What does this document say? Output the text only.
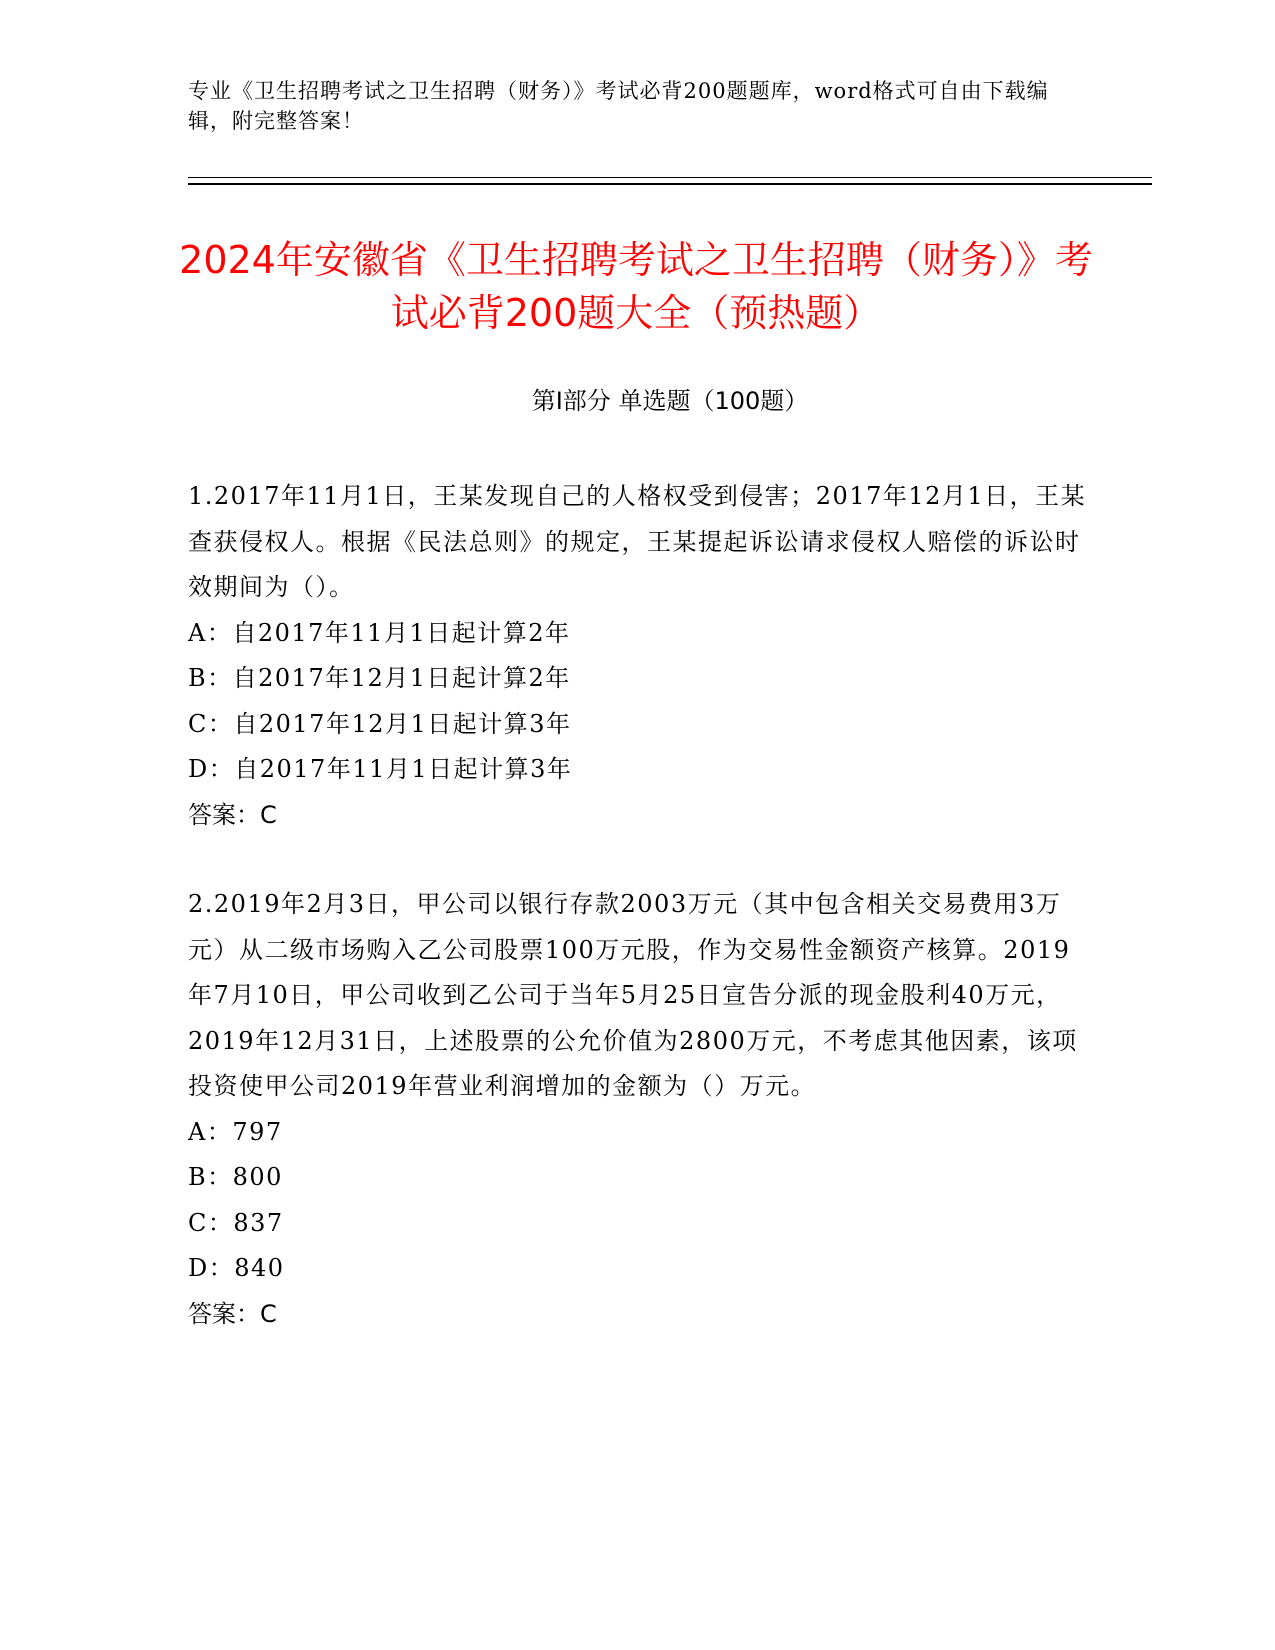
专业《卫生招聘考试之卫生招聘（财务）》考试必背200题题库，word格式可自由下载编辑，附完整答案！
2024年安徽省《卫生招聘考试之卫生招聘（财务）》考试必背200题大全（预热题）
第I部分 单选题（100题）
1.2017年11月1日，王某发现自己的人格权受到侵害；2017年12月1日，王某查获侵权人。根据《民法总则》的规定，王某提起诉讼请求侵权人赔偿的诉讼时效期间为（）。
A：自2017年11月1日起计算2年
B：自2017年12月1日起计算2年
C：自2017年12月1日起计算3年
D：自2017年11月1日起计算3年
答案：C
2.2019年2月3日，甲公司以银行存款2003万元（其中包含相关交易费用3万元）从二级市场购入乙公司股票100万元股，作为交易性金额资产核算。2019年7月10日，甲公司收到乙公司于当年5月25日宣告分派的现金股利40万元，2019年12月31日，上述股票的公允价值为2800万元，不考虑其他因素，该项投资使甲公司2019年营业利润增加的金额为（）万元。
A：797
B：800
C：837
D：840
答案：C
